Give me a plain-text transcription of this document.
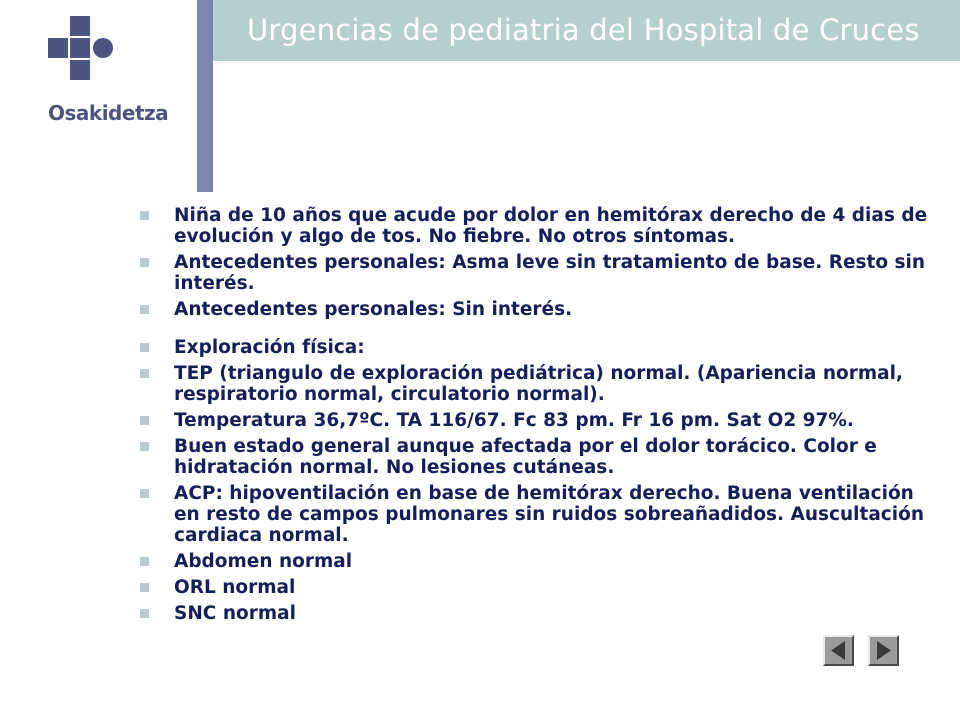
Osakidetza
Urgencias de pediatria del Hospital de Cruces
Niña de 10 años que acude por dolor en hemitórax derecho de 4 dias de evolución y algo de tos. No fiebre. No otros síntomas.
Antecedentes personales: Asma leve sin tratamiento de base. Resto sin interés.
Antecedentes personales: Sin interés.
Exploración física:
TEP (triangulo de exploración pediátrica) normal. (Apariencia normal, respiratorio normal, circulatorio normal).
Temperatura 36,7ºC. TA 116/67. Fc 83 pm. Fr 16 pm. Sat O2 97%.
Buen estado general aunque afectada por el dolor torácico. Color e hidratación normal. No lesiones cutáneas.
ACP: hipoventilación en base de hemitórax derecho. Buena ventilación en resto de campos pulmonares sin ruidos sobreañadidos. Auscultación cardiaca normal.
Abdomen normal
ORL normal
SNC normal
